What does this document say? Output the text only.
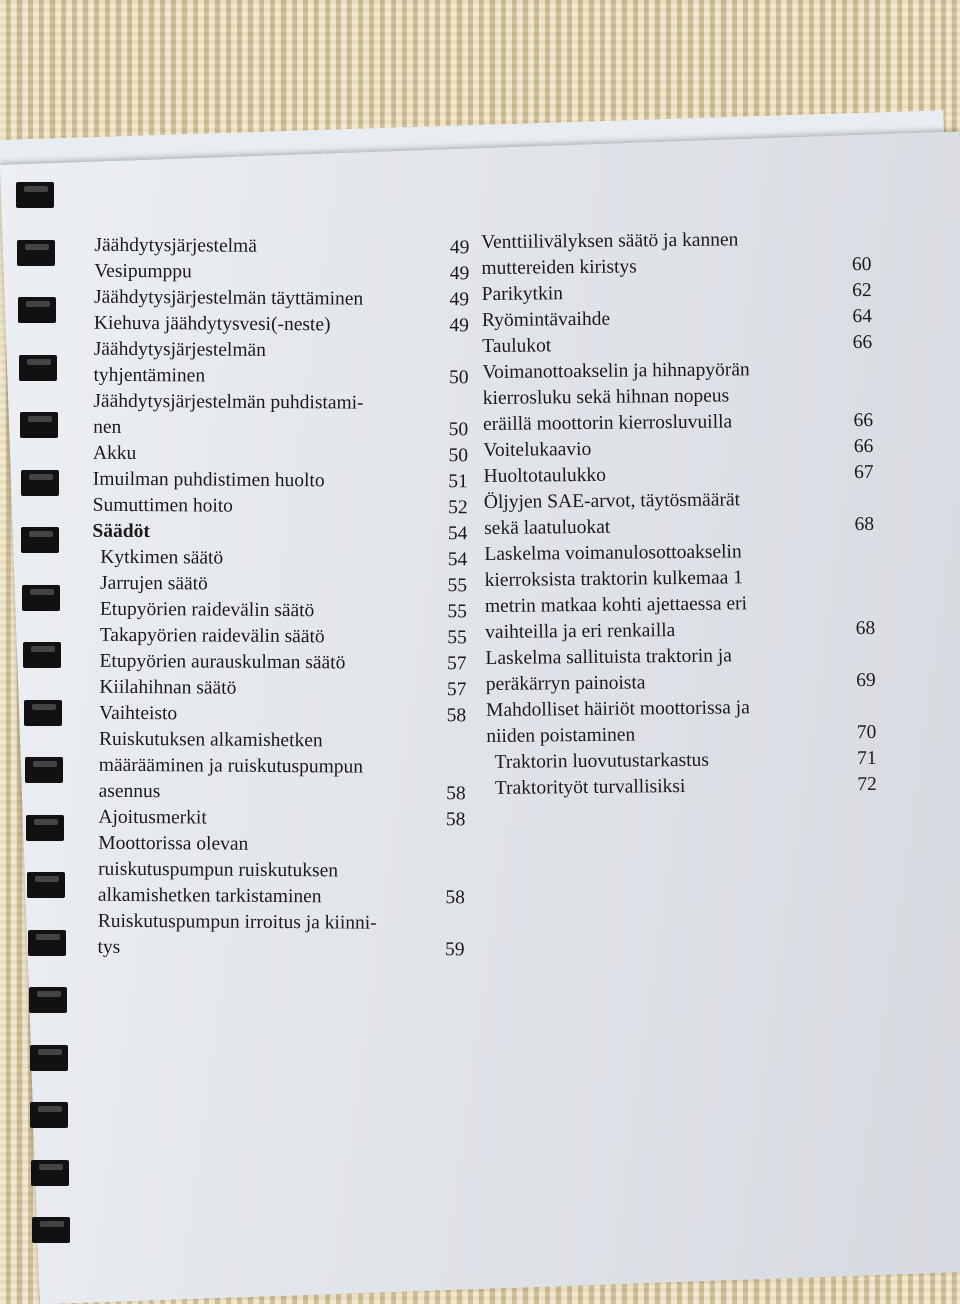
Jäähdytysjärjestelmä	49
Vesipumppu	49
Jäähdytysjärjestelmän täyttäminen	49
Kiehuva jäähdytysvesi(-neste)	49
Jäähdytysjärjestelmän
tyhjentäminen	50
Jäähdytysjärjestelmän puhdistami-
nen	50
Akku	50
Imuilman puhdistimen huolto	51
Sumuttimen hoito	52
Säädöt	54
Kytkimen säätö	54
Jarrujen säätö	55
Etupyörien raidevälin säätö	55
Takapyörien raidevälin säätö	55
Etupyörien aurauskulman säätö	57
Kiilahihnan säätö	57
Vaihteisto	58
Ruiskutuksen alkamishetken
määrääminen ja ruiskutuspumpun
asennus	58
Ajoitusmerkit	58
Moottorissa olevan
ruiskutuspumpun ruiskutuksen
alkamishetken tarkistaminen	58
Ruiskutuspumpun irroitus ja kiinni-
tys	59
Venttiilivälyksen säätö ja kannen
muttereiden kiristys	60
Parikytkin	62
Ryömintävaihde	64
Taulukot	66
Voimanottoakselin ja hihnapyörän
kierrosluku sekä hihnan nopeus
eräillä moottorin kierrosluvuilla	66
Voitelukaavio	66
Huoltotaulukko	67
Öljyjen SAE-arvot, täytösmäärät
sekä laatuluokat	68
Laskelma voimanulosottoakselin
kierroksista traktorin kulkemaa 1
metrin matkaa kohti ajettaessa eri
vaihteilla ja eri renkailla	68
Laskelma sallituista traktorin ja
peräkärryn painoista	69
Mahdolliset häiriöt moottorissa ja
niiden poistaminen	70
Traktorin luovutustarkastus	71
Traktorityöt turvallisiksi	72
